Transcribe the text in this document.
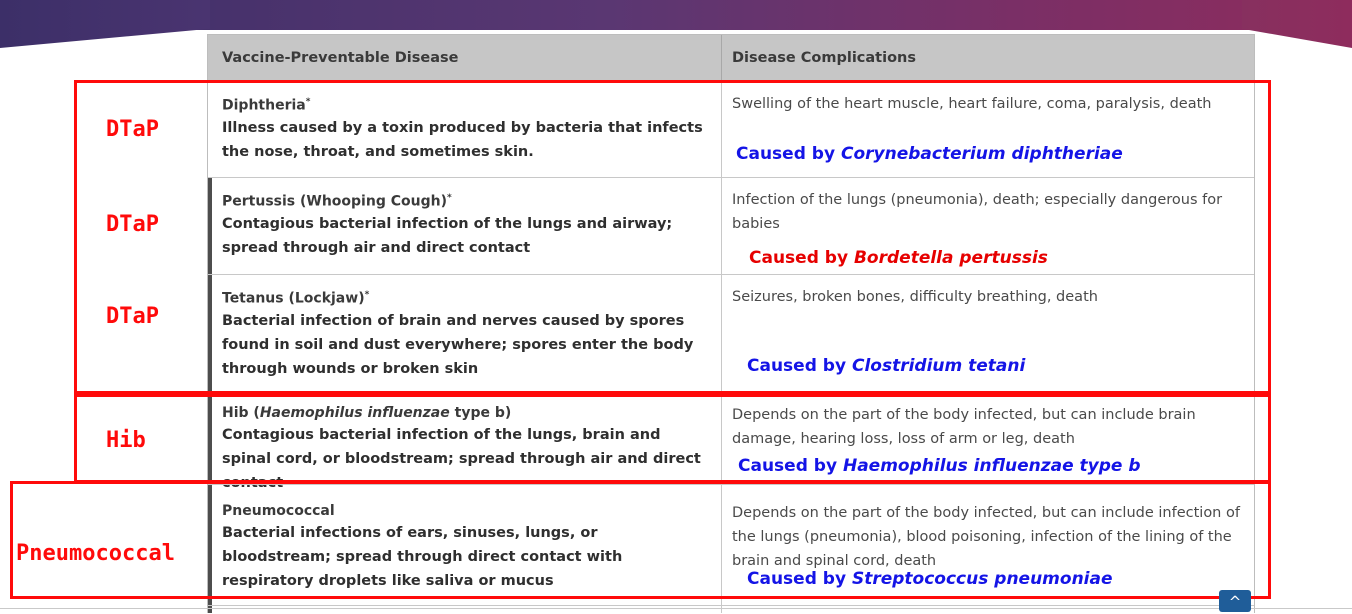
Vaccine-Preventable Disease	Disease Complications
Diphtheria*
Illness caused by a toxin produced by bacteria that infects the nose, throat, and sometimes skin.
Swelling of the heart muscle, heart failure, coma, paralysis, death
Pertussis (Whooping Cough)*
Contagious bacterial infection of the lungs and airway; spread through air and direct contact
Infection of the lungs (pneumonia), death; especially dangerous for babies
Tetanus (Lockjaw)*
Bacterial infection of brain and nerves caused by spores found in soil and dust everywhere; spores enter the body through wounds or broken skin
Seizures, broken bones, difficulty breathing, death
Hib (Haemophilus influenzae type b)
Contagious bacterial infection of the lungs, brain and spinal cord, or bloodstream; spread through air and direct contact
Depends on the part of the body infected, but can include brain damage, hearing loss, loss of arm or leg, death
Pneumococcal
Bacterial infections of ears, sinuses, lungs, or bloodstream; spread through direct contact with respiratory droplets like saliva or mucus
Depends on the part of the body infected, but can include infection of the lungs (pneumonia), blood poisoning, infection of the lining of the brain and spinal cord, death
DTaP
DTaP
DTaP
Hib
Pneumococcal
Caused by Corynebacterium diphtheriae
Caused by Bordetella pertussis
Caused by Clostridium tetani
Caused by Haemophilus influenzae type b
Caused by Streptococcus pneumoniae
^
